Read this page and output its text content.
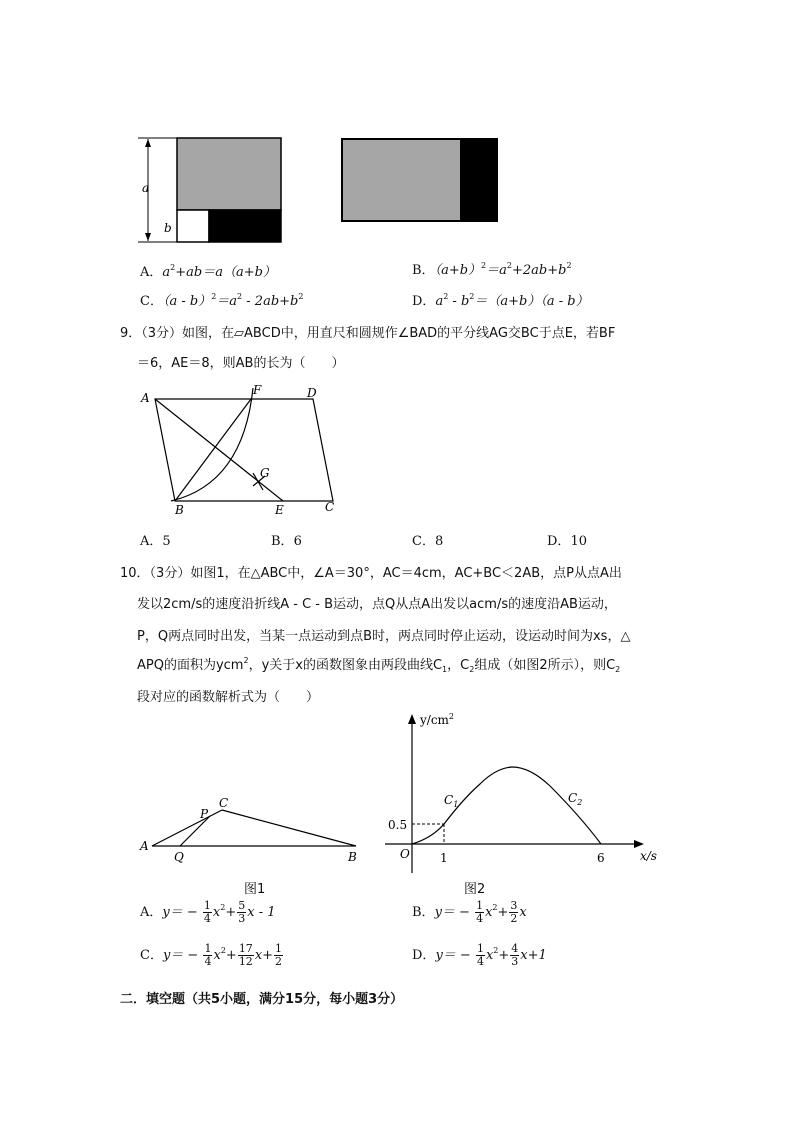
a
b
A．$a^2+ab=a(a+b)$	B．$(a+b)^2=a^2+2ab+b^2$
C．$(a - b)^2=a^2 - 2ab+b^2$	D．$a^2 - b^2=(a+b)(a - b)$
9．（3分）如图，在▱ABCD中，用直尺和圆规作∠BAD的平分线AG交BC于点E，若BF
＝6，AE＝8，则AB的长为（　　）
A
F	D
G
B	E	C
A．5	B．6	C．8	D．10
10．（3分）如图1，在△ABC中，∠A＝30°，AC＝4cm，AC+BC＜2AB，点P从点A出
发以2cm/s的速度沿折线A - C - B运动，点Q从点A出发以acm/s的速度沿AB运动，
P，Q两点同时出发，当某一点运动到点B时，两点同时停止运动，设运动时间为xs，△
APQ的面积为ycm$^2$，y关于x的函数图象由两段曲线$C_1$，$C_2$组成（如图2所示），则$C_2$
段对应的函数解析式为（　　）
A
P
C
Q	B
图1
$y/cm^2$
x/s
O
0.5
1	6
$C_1$	$C_2$
图2
A．$y= - \frac{1}{4} x^2+ \frac{5}{3}$ x - 1	B．$y= - \frac{1}{4} x^2+ \frac{3}{2}$ x
C．$y= - \frac{1}{4} x^2+ \frac{17}{12} x+ \frac{1}{2}$	D．$y= - \frac{1}{4} x^2+ \frac{4}{3} x+1$
二．填空题（共5小题，满分15分，每小题3分）
